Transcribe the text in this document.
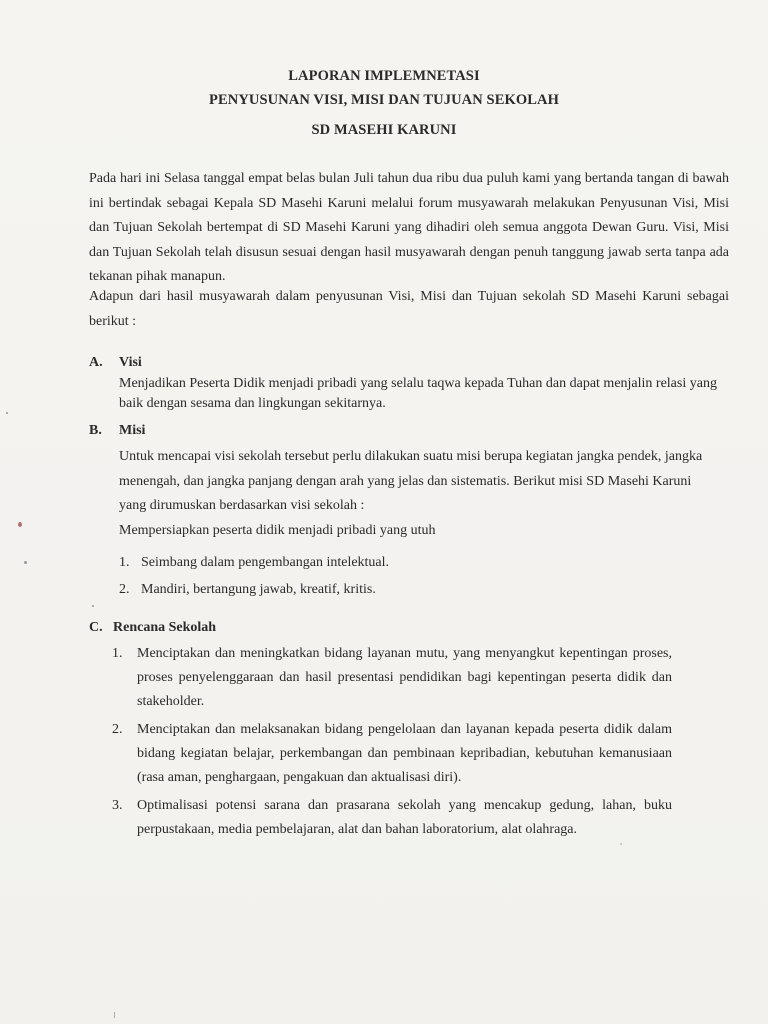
LAPORAN IMPLEMNETASI
PENYUSUNAN VISI, MISI DAN TUJUAN SEKOLAH
SD MASEHI KARUNI
Pada hari ini Selasa tanggal empat belas bulan Juli tahun dua ribu dua puluh kami yang bertanda tangan di bawah ini bertindak sebagai Kepala SD Masehi Karuni melalui forum musyawarah melakukan Penyusunan Visi, Misi dan Tujuan Sekolah bertempat di SD Masehi Karuni yang dihadiri oleh semua anggota Dewan Guru. Visi, Misi dan Tujuan Sekolah telah disusun sesuai dengan hasil musyawarah dengan penuh tanggung jawab serta tanpa ada tekanan pihak manapun.
Adapun dari hasil musyawarah dalam penyusunan Visi, Misi dan Tujuan sekolah SD Masehi Karuni sebagai berikut :
A. Visi
Menjadikan Peserta Didik menjadi pribadi yang selalu taqwa kepada Tuhan dan dapat menjalin relasi yang baik dengan sesama dan lingkungan sekitarnya.
B. Misi
Untuk mencapai visi sekolah tersebut perlu dilakukan suatu misi berupa kegiatan jangka pendek, jangka menengah, dan jangka panjang dengan arah yang jelas dan sistematis. Berikut misi SD Masehi Karuni yang dirumuskan berdasarkan visi sekolah :
Mempersiapkan peserta didik menjadi pribadi yang utuh
1. Seimbang dalam pengembangan intelektual.
2. Mandiri, bertangung jawab, kreatif, kritis.
C. Rencana Sekolah
1. Menciptakan dan meningkatkan bidang layanan mutu, yang menyangkut kepentingan proses, proses penyelenggaraan dan hasil presentasi pendidikan bagi kepentingan peserta didik dan stakeholder.
2. Menciptakan dan melaksanakan bidang pengelolaan dan layanan kepada peserta didik dalam bidang kegiatan belajar, perkembangan dan pembinaan kepribadian, kebutuhan kemanusiaan (rasa aman, penghargaan, pengakuan dan aktualisasi diri).
3. Optimalisasi potensi sarana dan prasarana sekolah yang mencakup gedung, lahan, buku perpustakaan, media pembelajaran, alat dan bahan laboratorium, alat olahraga.
